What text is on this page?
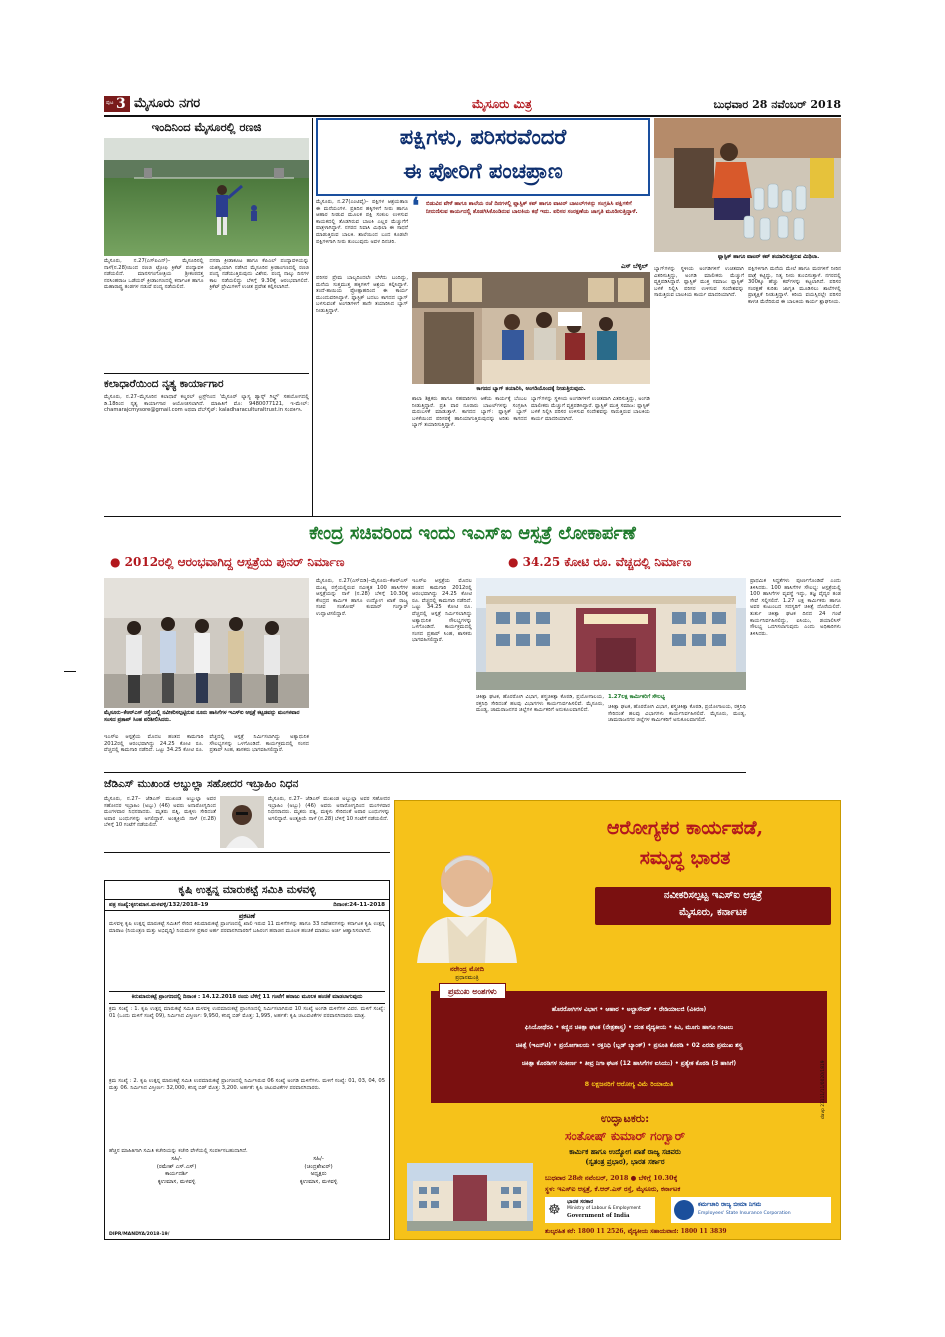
ಪುಟ 3 ಮೈಸೂರು ನಗರ	ಮೈಸೂರು ಮಿತ್ರ	ಬುಧವಾರ 28 ನವೆಂಬರ್ 2018
ಇಂದಿನಿಂದ ಮೈಸೂರಲ್ಲಿ ರಣಜಿ
ಮೈಸೂರು, ನ.27(ಎಸ್‌ಪಿಎನ್)– ಮೈಸೂರಿನಲ್ಲಿ ನಾಳೆ(ನ.28)ಯಿಂದ ರಣಜಿ ಟ್ರೋಫಿ ಕ್ರಿಕೆಟ್ ಪಂದ್ಯಾವಳಿ ನಡೆಯಲಿದೆ. ಮಾನಸಗಂಗೋತ್ರಿಯ ಶ್ರೀಕಂಠದತ್ತ ನರಸಿಂಹರಾಜ ಒಡೆಯರ್ ಕ್ರೀಡಾಂಗಣದಲ್ಲಿ ಕರ್ನಾಟಕ ಹಾಗೂ ಮಹಾರಾಷ್ಟ್ರ ತಂಡಗಳ ನಡುವೆ ಪಂದ್ಯ ನಡೆಯಲಿದೆ.
ದಸರಾ ಕ್ರೀಡಾಕೂಟ ಹಾಗೂ ಕೆಪಿಎಲ್ ಪಂದ್ಯಾವಳಿಯನ್ನು ಯಶಸ್ವಿಯಾಗಿ ನಡೆಸಿದ ಮೈಸೂರಿನ ಕ್ರೀಡಾಂಗಣದಲ್ಲಿ ರಣಜಿ ಪಂದ್ಯ ನಡೆಯುತ್ತಿರುವುದು ವಿಶೇಷ. ಪಂದ್ಯ ನಾಲ್ಕು ದಿನಗಳ ಕಾಲ ನಡೆಯಲಿದ್ದು ಬೆಳಿಗ್ಗೆ 9.30ಕ್ಕೆ ಆರಂಭವಾಗಲಿದೆ. ಕ್ರಿಕೆಟ್ ಪ್ರೇಮಿಗಳಿಗೆ ಉಚಿತ ಪ್ರವೇಶ ಕಲ್ಪಿಸಲಾಗಿದೆ.
ಕಲಾಧಾರೆಯಿಂದ ನೃತ್ಯ ಕಾರ್ಯಾಗಾರ
ಮೈಸೂರು, ನ.27–ಮೈಸೂರಿನ ಕಲಾಧಾರೆ ಕಲ್ಚರಲ್ ಟ್ರಸ್ಟ್‌ನಿಂದ 'ಮೈಸೂರ್ ಲ್ಯಾಸ್ಯ ಡ್ಯಾನ್ಸ್ ಗಿಲ್ಡ್' ಸಹಯೋಗದಲ್ಲಿ ಡಿ.18ರಿಂದ ನೃತ್ಯ ಕಾರ್ಯಾಗಾರ ಆಯೋಜಿಸಲಾಗಿದೆ. ಮಾಹಿತಿಗೆ ಮೊ: 9480077121, ಇ-ಮೇಲ್: chamarajcmysore@gmail.com ಅಥವಾ ವೆಬ್‌ಸೈಟ್: kaladharaculturaltrust.in ಸಂಪರ್ಕಿಸಿ.
ಪಕ್ಷಿಗಳು, ಪರಿಸರವೆಂದರೆ
ಈ ಪೋರಿಗೆ ಪಂಚಪ್ರಾಣ
ಫ್ಲಾಸ್ಟಿಕ್ ಹಾಗೂ ವಾಟರ್ ಕಪ್ ತಯಾರಿಸುತ್ತಿರುವ ಮಿಥಿಲಾ.
ಮೈಸೂರು, ನ.27(ಎಂಟಿವೈ)– ಪಕ್ಷಿಗಳ ಆಶ್ರಯತಾಣ ಈ ಮನೆಯಂಗಳ. ಪ್ರತಿದಿನ ಹಕ್ಕಿಗಳಿಗೆ ನೀರು ಹಾಗೂ ಆಹಾರ ನೀಡುವ ಮೂಲಕ ಪಕ್ಷಿ ಸಂಕುಲ ಉಳಿಸುವ ಕಾಯಕದಲ್ಲಿ ತೊಡಗಿರುವ ಬಾಲಕಿ ಎಲ್ಲರ ಮೆಚ್ಚುಗೆಗೆ ಪಾತ್ರಳಾಗಿದ್ದಾಳೆ. ನಗರದ ನಿವಾಸಿ ಮಿಥಿಲಾ ಈ ಸಾಧನೆ ಮಾಡುತ್ತಿರುವ ಬಾಲಕಿ. ಶಾಲೆಯಿಂದ ಬಂದ ಕೂಡಲೇ ಪಕ್ಷಿಗಳಿಗಾಗಿ ನೀರು ತುಂಬುವುದು ಅವಳ ದಿನಚರಿ.
❛ ಬಿಡುವಿನ ವೇಳೆ ಹಾಗೂ ಶಾಲೆಯ ರಜೆ ದಿನಗಳಲ್ಲಿ ಪ್ಲಾಸ್ಟಿಕ್ ಕಪ್ ಹಾಗೂ ವಾಟರ್ ಬಾಟಲ್‌ಗಳನ್ನು ಸಂಗ್ರಹಿಸಿ ಪಕ್ಷಿಗಳಿಗೆ ನೀರುಣಿಸುವ ಕಾರ್ಯದಲ್ಲಿ ತೊಡಗಿಸಿಕೊಂಡಿರುವ ಬಾಲಕಿಯ ಕಥೆ ಇದು. ಪರಿಸರ ಸಂರಕ್ಷಣೆಯ ಜಾಗೃತಿ ಮೂಡಿಸುತ್ತಿದ್ದಾಳೆ.
ಎಸ್ ಬೆಳ್ಳಿಲ್
ಕಾಗದದ ಬ್ಯಾಗ್ ತಯಾರಿಸಿ, ಅಂಗಡಿಯೊಂದಕ್ಕೆ ನೀಡುತ್ತಿರುವುದು.
ಪರಿಸರ ಪ್ರೇಮ ಬಾಲ್ಯದಿಂದಲೇ ಬೆಳೆದು ಬಂದಿದ್ದು, ಮನೆಯ ಸುತ್ತಮುತ್ತ ಹಕ್ಕಿಗಳಿಗೆ ಆಶ್ರಯ ಕಲ್ಪಿಸಿದ್ದಾಳೆ. ತಂದೆ-ತಾಯಿಯ ಪ್ರೋತ್ಸಾಹದಿಂದ ಈ ಕಾರ್ಯ ಮುಂದುವರಿಸಿದ್ದಾಳೆ. ಪ್ಲಾಸ್ಟಿಕ್ ಬದಲು ಕಾಗದದ ಬ್ಯಾಗ್ ಬಳಸುವಂತೆ ಅಂಗಡಿಗಳಿಗೆ ತಾನೇ ತಯಾರಿಸಿದ ಬ್ಯಾಗ್ ನೀಡುತ್ತಿದ್ದಾಳೆ.
ಶಾಲಾ ಶಿಕ್ಷಕರು ಹಾಗೂ ಸಹಪಾಠಿಗಳು ಆಕೆಯ ಕಾರ್ಯಕ್ಕೆ ಬೆಂಬಲ ನೀಡುತ್ತಿದ್ದಾರೆ. ಪ್ರತಿ ವಾರ ನೂರಾರು ಬಾಟಲ್‌ಗಳನ್ನು ಸಂಗ್ರಹಿಸಿ ಮರುಬಳಕೆ ಮಾಡುತ್ತಾಳೆ. ಕಾಗದದ ಬ್ಯಾಗ್: ಪ್ಲಾಸ್ಟಿಕ್ ಬ್ಯಾಗ್ ಬಳಕೆಯಿಂದ ಪರಿಸರಕ್ಕೆ ಹಾನಿಯಾಗುತ್ತಿರುವುದನ್ನು ಅರಿತು ಕಾಗದದ ಬ್ಯಾಗ್ ತಯಾರಿಸುತ್ತಿದ್ದಾಳೆ.
ಬ್ಯಾಗ್‌ಗಳನ್ನು ಸ್ಥಳೀಯ ಅಂಗಡಿಗಳಿಗೆ ಉಚಿತವಾಗಿ ವಿತರಿಸುತ್ತಿದ್ದು, ಅಂಗಡಿ ಮಾಲೀಕರು ಮೆಚ್ಚುಗೆ ವ್ಯಕ್ತಪಡಿಸಿದ್ದಾರೆ. ಪ್ಲಾಸ್ಟಿಕ್ ಮುಕ್ತ ಸಮಾಜ: ಪ್ಲಾಸ್ಟಿಕ್ ಬಳಕೆ ನಿಲ್ಲಿಸಿ ಪರಿಸರ ಉಳಿಸುವ ಸಂದೇಶವನ್ನು ಸಾರುತ್ತಿರುವ ಬಾಲಕಿಯ ಕಾರ್ಯ ಮಾದರಿಯಾಗಿದೆ.
ಬ್ಯಾಗ್‌ಗಳನ್ನು ಸ್ಥಳೀಯ ಅಂಗಡಿಗಳಿಗೆ ಉಚಿತವಾಗಿ ವಿತರಿಸುತ್ತಿದ್ದು, ಅಂಗಡಿ ಮಾಲೀಕರು ಮೆಚ್ಚುಗೆ ವ್ಯಕ್ತಪಡಿಸಿದ್ದಾರೆ. ಪ್ಲಾಸ್ಟಿಕ್ ಮುಕ್ತ ಸಮಾಜ: ಪ್ಲಾಸ್ಟಿಕ್ ಬಳಕೆ ನಿಲ್ಲಿಸಿ ಪರಿಸರ ಉಳಿಸುವ ಸಂದೇಶವನ್ನು ಸಾರುತ್ತಿರುವ ಬಾಲಕಿಯ ಕಾರ್ಯ ಮಾದರಿಯಾಗಿದೆ.
ಪಕ್ಷಿಗಳಿಗಾಗಿ ಮನೆಯ ಮೇಲೆ ಹಾಗೂ ಮರಗಳಿಗೆ ನೀರಿನ ಪಾತ್ರೆ ಕಟ್ಟಿದ್ದು, ನಿತ್ಯ ನೀರು ತುಂಬಿಸುತ್ತಾಳೆ. ನಗರದಲ್ಲಿ 300ಕ್ಕೂ ಹೆಚ್ಚು ಕಪ್‌ಗಳನ್ನು ಕಟ್ಟಲಾಗಿದೆ. ಪರಿಸರ ಸಂರಕ್ಷಣೆ ಕುರಿತು ಜಾಗೃತಿ ಮೂಡಿಸಲು ಶಾಲೆಗಳಲ್ಲಿ ಪ್ರಾತ್ಯಕ್ಷಿಕೆ ನೀಡುತ್ತಿದ್ದಾಳೆ. ಕಿರಿಯ ವಯಸ್ಸಿನಲ್ಲೇ ಪರಿಸರ ಕಾಳಜಿ ಮೆರೆದಿರುವ ಈ ಬಾಲಕಿಯ ಕಾರ್ಯ ಶ್ಲಾಘನೀಯ.
ಕೇಂದ್ರ ಸಚಿವರಿಂದ ಇಂದು ಇಎಸ್‌ಐ ಆಸ್ಪತ್ರೆ ಲೋಕಾರ್ಪಣೆ
● 2012ರಲ್ಲಿ ಆರಂಭವಾಗಿದ್ದ ಆಸ್ಪತ್ರೆಯ ಪುನರ್ ನಿರ್ಮಾಣ	● 34.25 ಕೋಟಿ ರೂ. ವೆಚ್ಚದಲ್ಲಿ ನಿರ್ಮಾಣ
ಮೈಸೂರು–ಕೆಆರ್‌ಎಸ್ ರಸ್ತೆಯಲ್ಲಿ ನವೀಕರಿಸಲ್ಪಟ್ಟಿರುವ ನೂರು ಹಾಸಿಗೆಗಳ ಇಎಸ್‌ಐ ಆಸ್ಪತ್ರೆ ಕಟ್ಟಡವನ್ನು ಮಂಗಳವಾರ ಸಂಸದ ಪ್ರತಾಪ್ ಸಿಂಹ ಪರಿಶೀಲಿಸಿದರು.
ಮೈಸೂರು, ನ.27(ಎಸ್‌ಬಿಡಿ)–ಮೈಸೂರು–ಕೆಆರ್‌ಎಸ್ ಮುಖ್ಯ ರಸ್ತೆಯಲ್ಲಿರುವ ನವೀಕೃತ 100 ಹಾಸಿಗೆಗಳ ಆಸ್ಪತ್ರೆಯನ್ನು ನಾಳೆ (ನ.28) ಬೆಳಿಗ್ಗೆ 10.30ಕ್ಕೆ ಕೇಂದ್ರದ ಕಾರ್ಮಿಕ ಹಾಗೂ ಉದ್ಯೋಗ ಖಾತೆ ರಾಜ್ಯ ಸಚಿವ ಸಂತೋಷ್ ಕುಮಾರ್ ಗಂಗ್ವಾರ್ ಉದ್ಘಾಟಿಸಲಿದ್ದಾರೆ.
ಇಎಸ್‌ಐ ಆಸ್ಪತ್ರೆಯ ಮೊದಲ ಹಂತದ ಕಾಮಗಾರಿ 2012ರಲ್ಲಿ ಆರಂಭವಾಗಿದ್ದು 24.25 ಕೋಟಿ ರೂ. ವೆಚ್ಚದಲ್ಲಿ ಕಾಮಗಾರಿ ನಡೆದಿದೆ. ಒಟ್ಟು 34.25 ಕೋಟಿ ರೂ. ವೆಚ್ಚದಲ್ಲಿ ಆಸ್ಪತ್ರೆ ನಿರ್ಮಿಸಲಾಗಿದ್ದು ಅತ್ಯಾಧುನಿಕ ಸೌಲಭ್ಯಗಳನ್ನು ಒಳಗೊಂಡಿದೆ. ಕಾರ್ಯಕ್ರಮದಲ್ಲಿ ಸಂಸದ ಪ್ರತಾಪ್ ಸಿಂಹ, ಶಾಸಕರು ಭಾಗವಹಿಸಲಿದ್ದಾರೆ.
ಚಿಕಿತ್ಸಾ ಘಟಕ, ಹೊರರೋಗಿ ವಿಭಾಗ, ಶಸ್ತ್ರಚಿಕಿತ್ಸಾ ಕೊಠಡಿ, ಪ್ರಯೋಗಾಲಯ, ರಕ್ತನಿಧಿ ಸೇರಿದಂತೆ ಹಲವು ವಿಭಾಗಗಳು ಕಾರ್ಯನಿರ್ವಹಿಸಲಿವೆ. ಮೈಸೂರು, ಮಂಡ್ಯ, ಚಾಮರಾಜನಗರ ಜಿಲ್ಲೆಗಳ ಕಾರ್ಮಿಕರಿಗೆ ಅನುಕೂಲವಾಗಲಿದೆ.
1.27ಲಕ್ಷ ಕಾರ್ಮಿಕರಿಗೆ ಸೌಲಭ್ಯ
ಚಿಕಿತ್ಸಾ ಘಟಕ, ಹೊರರೋಗಿ ವಿಭಾಗ, ಶಸ್ತ್ರಚಿಕಿತ್ಸಾ ಕೊಠಡಿ, ಪ್ರಯೋಗಾಲಯ, ರಕ್ತನಿಧಿ ಸೇರಿದಂತೆ ಹಲವು ವಿಭಾಗಗಳು ಕಾರ್ಯನಿರ್ವಹಿಸಲಿವೆ. ಮೈಸೂರು, ಮಂಡ್ಯ, ಚಾಮರಾಜನಗರ ಜಿಲ್ಲೆಗಳ ಕಾರ್ಮಿಕರಿಗೆ ಅನುಕೂಲವಾಗಲಿದೆ.
ಪ್ರಾಥಮಿಕ ಸಿದ್ಧತೆಗಳು ಪೂರ್ಣಗೊಂಡಿವೆ ಎಂದು ತಿಳಿಸಿದರು. 100 ಹಾಸಿಗೆಗಳ ಸೌಲಭ್ಯ: ಆಸ್ಪತ್ರೆಯಲ್ಲಿ 100 ಹಾಸಿಗೆಗಳ ವ್ಯವಸ್ಥೆ ಇದ್ದು, ತಜ್ಞ ವೈದ್ಯರ ತಂಡ ಸೇವೆ ಸಲ್ಲಿಸಲಿದೆ. 1.27 ಲಕ್ಷ ಕಾರ್ಮಿಕರು ಹಾಗೂ ಅವರ ಕುಟುಂಬದ ಸದಸ್ಯರಿಗೆ ಚಿಕಿತ್ಸೆ ದೊರೆಯಲಿದೆ. ತುರ್ತು ಚಿಕಿತ್ಸಾ ಘಟಕ ದಿನದ 24 ಗಂಟೆ ಕಾರ್ಯನಿರ್ವಹಿಸಲಿದ್ದು, ಐಸಿಯು, ಡಯಾಲಿಸಿಸ್ ಸೌಲಭ್ಯ ಒದಗಿಸಲಾಗುವುದು ಎಂದು ಅಧಿಕಾರಿಗಳು ತಿಳಿಸಿದರು.
ಇಎಸ್‌ಐ ಆಸ್ಪತ್ರೆಯ ಮೊದಲ ಹಂತದ ಕಾಮಗಾರಿ 2012ರಲ್ಲಿ ಆರಂಭವಾಗಿದ್ದು 24.25 ಕೋಟಿ ರೂ. ವೆಚ್ಚದಲ್ಲಿ ಕಾಮಗಾರಿ ನಡೆದಿದೆ. ಒಟ್ಟು 34.25 ಕೋಟಿ ರೂ. ವೆಚ್ಚದಲ್ಲಿ ಆಸ್ಪತ್ರೆ ನಿರ್ಮಿಸಲಾಗಿದ್ದು ಅತ್ಯಾಧುನಿಕ ಸೌಲಭ್ಯಗಳನ್ನು ಒಳಗೊಂಡಿದೆ. ಕಾರ್ಯಕ್ರಮದಲ್ಲಿ ಸಂಸದ ಪ್ರತಾಪ್ ಸಿಂಹ, ಶಾಸಕರು ಭಾಗವಹಿಸಲಿದ್ದಾರೆ.
ಜೆಡಿಎಸ್ ಮುಖಂಡ ಅಬ್ದುಲ್ಲಾ ಸಹೋದರ ಇಬ್ರಾಹಿಂ ನಿಧನ
ಮೈಸೂರು, ನ.27– ಜೆಡಿಎಸ್ ಮುಖಂಡ ಅಬ್ದುಲ್ಲಾ ಅವರ ಸಹೋದರ ಇಬ್ರಾಹಿಂ (ಅಬ್ಬು) (46) ಅವರು ಅನಾರೋಗ್ಯದಿಂದ ಮಂಗಳವಾರ ನಿಧನರಾದರು. ಮೃತರು ಪತ್ನಿ, ಮಕ್ಕಳು ಸೇರಿದಂತೆ ಅಪಾರ ಬಂಧುಗಳನ್ನು ಅಗಲಿದ್ದಾರೆ. ಅಂತ್ಯಕ್ರಿಯೆ ನಾಳೆ (ನ.28) ಬೆಳಿಗ್ಗೆ 10 ಗಂಟೆಗೆ ನಡೆಯಲಿದೆ.
ಮೈಸೂರು, ನ.27– ಜೆಡಿಎಸ್ ಮುಖಂಡ ಅಬ್ದುಲ್ಲಾ ಅವರ ಸಹೋದರ ಇಬ್ರಾಹಿಂ (ಅಬ್ಬು) (46) ಅವರು ಅನಾರೋಗ್ಯದಿಂದ ಮಂಗಳವಾರ ನಿಧನರಾದರು. ಮೃತರು ಪತ್ನಿ, ಮಕ್ಕಳು ಸೇರಿದಂತೆ ಅಪಾರ ಬಂಧುಗಳನ್ನು ಅಗಲಿದ್ದಾರೆ. ಅಂತ್ಯಕ್ರಿಯೆ ನಾಳೆ (ನ.28) ಬೆಳಿಗ್ಗೆ 10 ಗಂಟೆಗೆ ನಡೆಯಲಿದೆ.
ಕೃಷಿ ಉತ್ಪನ್ನ ಮಾರುಕಟ್ಟೆ ಸಮಿತಿ ಮಳವಳ್ಳಿ
ಪತ್ರ ಸಂಖ್ಯೆ:ಕೃಉಮಾಸ.ಮಳವಳ್ಳಿ/132/2018–19	ದಿನಾಂಕ:24-11-2018
ಪ್ರಕಟಣೆ
ಮಳವಳ್ಳಿ ಕೃಷಿ ಉತ್ಪನ್ನ ಮಾರುಕಟ್ಟೆ ಸಮಿತಿಗೆ ಸೇರಿದ ಕಿರುಮಾರುಕಟ್ಟೆ ಪ್ರಾಂಗಣದಲ್ಲಿ ಖಾಲಿ ಇರುವ 11 ಮಳಿಗೆಗಳನ್ನು ಹಾಗೂ 33 ನಿವೇಶನಗಳನ್ನು ಕರ್ನಾಟಕ ಕೃಷಿ ಉತ್ಪನ್ನ ಮಾರಾಟ (ನಿಯಂತ್ರಣ ಮತ್ತು ಅಭಿವೃದ್ಧಿ) ನಿಯಮಗಳ ಪ್ರಕಾರ ಅರ್ಹ ಪರವಾನಗಿದಾರರಿಗೆ ಬಹಿರಂಗ ಹರಾಜಿನ ಮೂಲಕ ಹಂಚಿಕೆ ಮಾಡಲು ಅರ್ಜಿ ಆಹ್ವಾನಿಸಲಾಗಿದೆ.
ಕಿರುಮಾರುಕಟ್ಟೆ ಪ್ರಾಂಗಣದಲ್ಲಿ ದಿನಾಂಕ : 14.12.2018 ರಂದು ಬೆಳಿಗ್ಗೆ 11 ಗಂಟೆಗೆ ಹರಾಜು ಮೂಲಕ ಹಂಚಿಕೆ ಮಾಡಲಾಗುವುದು
ಕ್ರಮ ಸಂಖ್ಯೆ : 1. ಕೃಷಿ ಉತ್ಪನ್ನ ಮಾರುಕಟ್ಟೆ ಸಮಿತಿ ಮಳವಳ್ಳಿ ಉಪಮಾರುಕಟ್ಟೆ ಪ್ರಾಂಗಣದಲ್ಲಿ ನಿರ್ಮಿಸಲಾಗಿರುವ 10 ಸಂಖ್ಯೆ ಅಂಗಡಿ ಮಳಿಗೆಗಳ ವಿವರ. ಮಳಿಗೆ ಸಂಖ್ಯೆ: 01 (ಒಂದು ಮಳಿಗೆ ಸಂಖ್ಯೆ 09), ನಿರ್ಮಿಸಿದ ವಿಸ್ತೀರ್ಣ: 9,950, ಕನಿಷ್ಠ ಬಿಡ್ ಮೊತ್ತ: 1,995, ಅರ್ಹತೆ: ಕೃಷಿ ಚಟುವಟಿಕೆಗಳ ಪರವಾನಗಿದಾರರು ಮಾತ್ರ.
ಕ್ರಮ ಸಂಖ್ಯೆ : 2. ಕೃಷಿ ಉತ್ಪನ್ನ ಮಾರುಕಟ್ಟೆ ಸಮಿತಿ ಉಪಮಾರುಕಟ್ಟೆ ಪ್ರಾಂಗಣದಲ್ಲಿ ನಿರ್ಮಿಸಿರುವ 06 ಸಂಖ್ಯೆ ಅಂಗಡಿ ಮಳಿಗೆಗಳು. ಮಳಿಗೆ ಸಂಖ್ಯೆ: 01, 03, 04, 05 ಮತ್ತು 06. ನಿರ್ಮಿಸಿದ ವಿಸ್ತೀರ್ಣ: 32,000, ಕನಿಷ್ಠ ಬಿಡ್ ಮೊತ್ತ: 3,200. ಅರ್ಹತೆ: ಕೃಷಿ ಚಟುವಟಿಕೆಗಳ ಪರವಾನಗಿದಾರರು.
ಹೆಚ್ಚಿನ ಮಾಹಿತಿಗಾಗಿ ಸಮಿತಿ ಕಚೇರಿಯನ್ನು ಕಚೇರಿ ವೇಳೆಯಲ್ಲಿ ಸಂಪರ್ಕಿಸಬಹುದಾಗಿದೆ.
ಸಹಿ/-
(ರಮೇಶ್ ಎಸ್.ಎಸ್)
ಕಾರ್ಯದರ್ಶಿ
ಕೃಉಮಾಸ, ಮಳವಳ್ಳಿ
ಸಹಿ/-
(ಚಂದ್ರಶೇಖರ್)
ಅಧ್ಯಕ್ಷರು
ಕೃಉಮಾಸ, ಮಳವಳ್ಳಿ
DIPR/MANDYA/2018-19/
ನರೇಂದ್ರ ಮೋದಿ
ಪ್ರಧಾನಮಂತ್ರಿ
ಆರೋಗ್ಯಕರ ಕಾರ್ಯಪಡೆ,
ಸಮೃದ್ಧ ಭಾರತ
ನವೀಕರಿಸಲ್ಪಟ್ಟ ಇಎಸ್‌ಐ ಆಸ್ಪತ್ರೆ
ಮೈಸೂರು, ಕರ್ನಾಟಕ
ಪ್ರಮುಖ ಅಂಶಗಳು
ಹೊರರೋಗಿಗಳ ವಿಭಾಗ • ಆಹಾರ • ಅಲ್ಟ್ರಾಸೌಂಡ್ • ರೇಡಿಯಾಲಜಿ (ವಿಕಿರಣ)
ಫಿಸಿಯೋಥೆರಪಿ • ಕಣ್ಣಿನ ಚಿಕಿತ್ಸಾ ಘಟಕ (ನೇತ್ರಶಾಸ್ತ್ರ) • ದಂತ ವೈದ್ಯಕೀಯ • ಕಿವಿ, ಮೂಗು ಹಾಗೂ ಗಂಟಲು
ಚಿಕಿತ್ಸೆ (ಇಎನ್‌ಟಿ) • ಪ್ರಯೋಗಾಲಯ • ರಕ್ತನಿಧಿ (ಬ್ಲಡ್ ಬ್ಯಾಂಕ್) • ಪ್ರಸೂತಿ ಕೊಠಡಿ • 02 ಎರಡು ಪ್ರಮುಖ ಶಸ್ತ್ರ
ಚಿಕಿತ್ಸಾ ಕೊಠಡಿಗಳ ಸಂಕೀರ್ಣ • ತೀವ್ರ ನಿಗಾ ಘಟಕ (12 ಹಾಸಿಗೆಗಳ ಐಸಿಯು) • ಪ್ರತ್ಯೇಕ ಕೊಠಡಿ (3 ಹಾಸಿಗೆ)
8 ಲಕ್ಷಜನರಿಗೆ ಆರೋಗ್ಯ ವಿಮೆ ರಿಯಾಯಿತಿ
ಉದ್ಘಾಟಕರು:
ಸಂತೋಷ್ ಕುಮಾರ್ ಗಂಗ್ವಾರ್
ಕಾರ್ಮಿಕ ಹಾಗೂ ಉದ್ಯೋಗ ಖಾತೆ ರಾಜ್ಯ ಸಚಿವರು
(ಸ್ವತಂತ್ರ ಪ್ರಭಾರ), ಭಾರತ ಸರ್ಕಾರ
ಬುಧವಾರ 28ನೇ ನವೆಂಬರ್, 2018 ● ಬೆಳಿಗ್ಗೆ 10.30ಕ್ಕೆ
ಸ್ಥಳ: ಇಎಸ್‌ಐ ಆಸ್ಪತ್ರೆ, ಕೆ.ಆರ್.ಎಸ್ ರಸ್ತೆ, ಮೈಸೂರು, ಕರ್ನಾಟಕ
☸ ಭಾರತ ಸರಕಾರ
Ministry of Labour & Employment
Government of India
ಕರ್ಮಚಾರಿ ರಾಜ್ಯ ಬೀಮಾ ನಿಗಮ
Employees' State Insurance Corporation
ಶುಲ್ಕರಹಿತ ಕರೆ: 1800 11 2526, ವೈದ್ಯಕೀಯ ಸಹಾಯವಾಣಿ: 1800 11 3839
davp 23111/11/0020/1819
